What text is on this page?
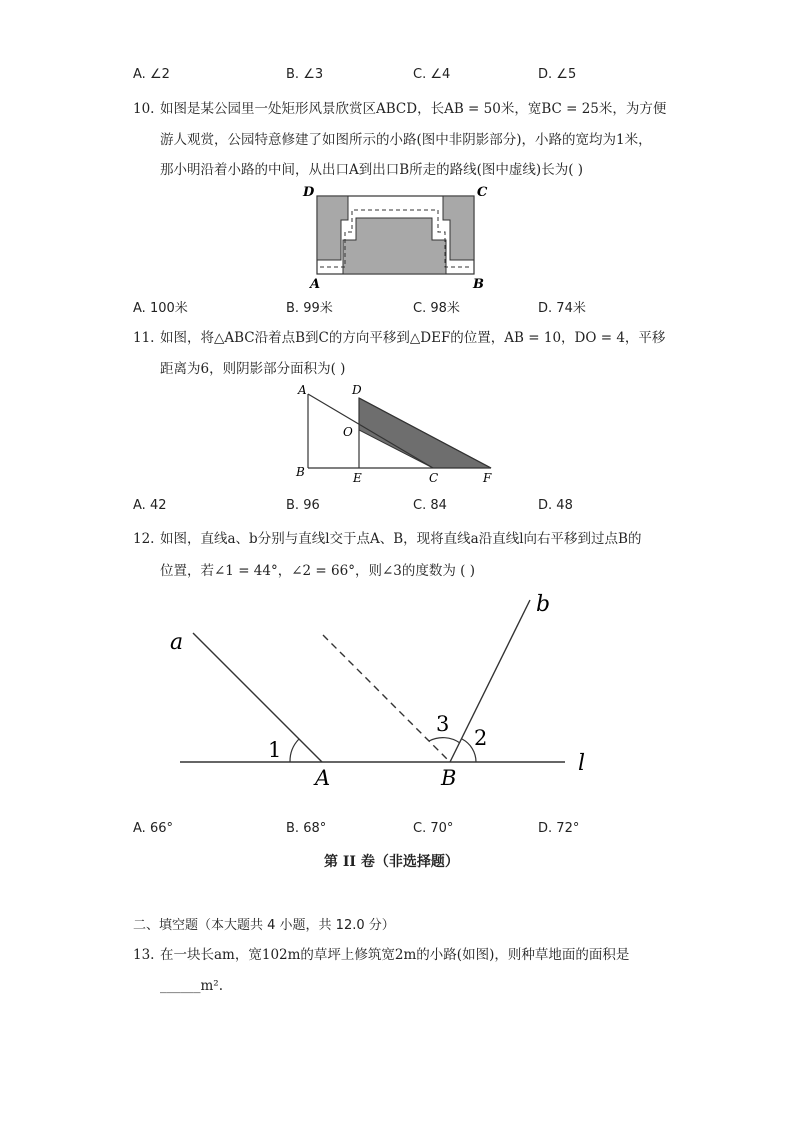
A. ∠2	B. ∠3	C. ∠4	D. ∠5
10. 如图是某公园里一处矩形风景欣赏区ABCD，长AB = 50米，宽BC = 25米，为方便
游人观赏，公园特意修建了如图所示的小路(图中非阴影部分)，小路的宽均为1米，
那小明沿着小路的中间，从出口A到出口B所走的路线(图中虚线)长为( )
D	C
A	B
A. 100米	B. 99米	C. 98米	D. 74米
11. 如图，将△ABC沿着点B到C的方向平移到△DEF的位置，AB = 10，DO = 4，平移
距离为6，则阴影部分面积为( )
A	D
O
B	E	C	F
A. 42	B. 96	C. 84	D. 48
12. 如图，直线a、b分别与直线l交于点A、B，现将直线a沿直线l向右平移到过点B的
位置，若∠1 = 44°，∠2 = 66°，则∠3的度数为 ( )
a
b
l
A	B
1	2
3
A. 66°	B. 68°	C. 70°	D. 72°
第 II 卷（非选择题）
二、填空题（本大题共 4 小题，共 12.0 分）
13. 在一块长am，宽102m的草坪上修筑宽2m的小路(如图)，则种草地面的面积是
______m².
